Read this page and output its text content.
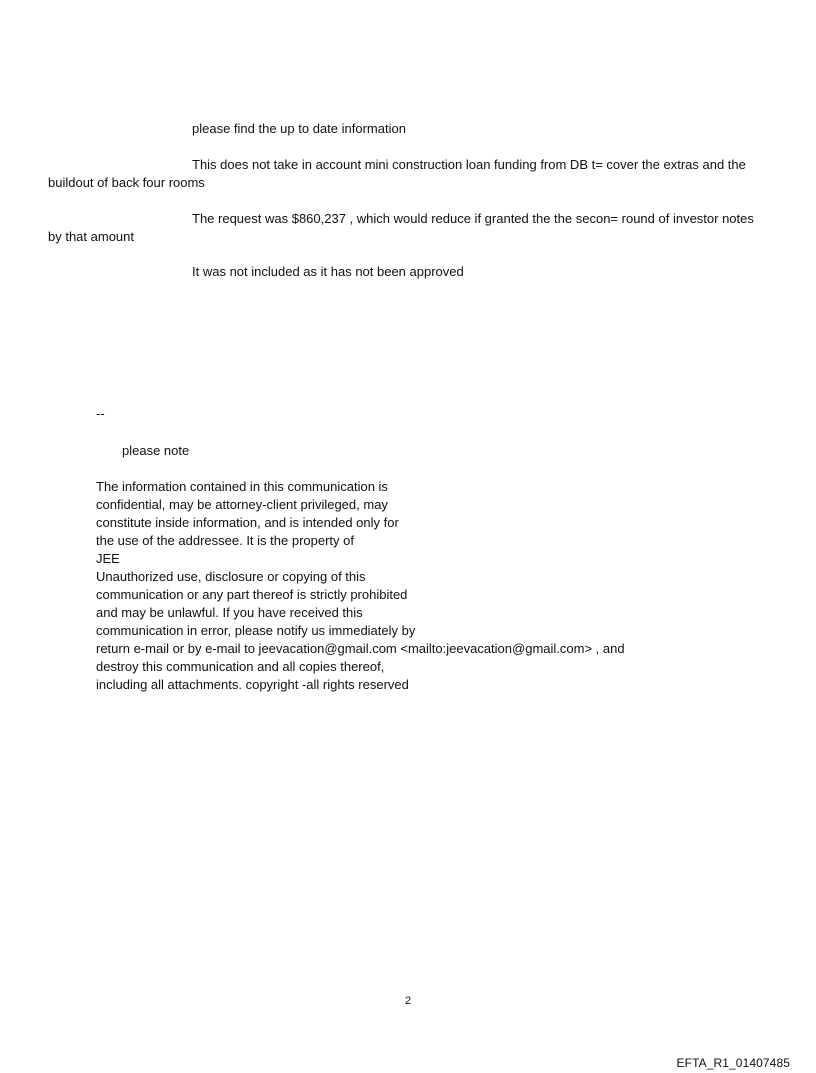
please find the up to date information
This does not take in account mini construction loan funding from DB t= cover the extras and the buildout of back four rooms
The request was $860,237 , which would reduce if granted the the secon= round of investor notes by that amount
It was not included as it has not been approved
--
please note
The information contained in this communication is
confidential, may be attorney-client privileged, may
constitute inside information, and is intended only for
the use of the addressee. It is the property of
JEE
Unauthorized use, disclosure or copying of this
communication or any part thereof is strictly prohibited
and may be unlawful. If you have received this
communication in error, please notify us immediately by
return e-mail or by e-mail to jeevacation@gmail.com <mailto:jeevacation@gmail.com> , and
destroy this communication and all copies thereof,
including all attachments. copyright -all rights reserved
2
EFTA_R1_01407485
